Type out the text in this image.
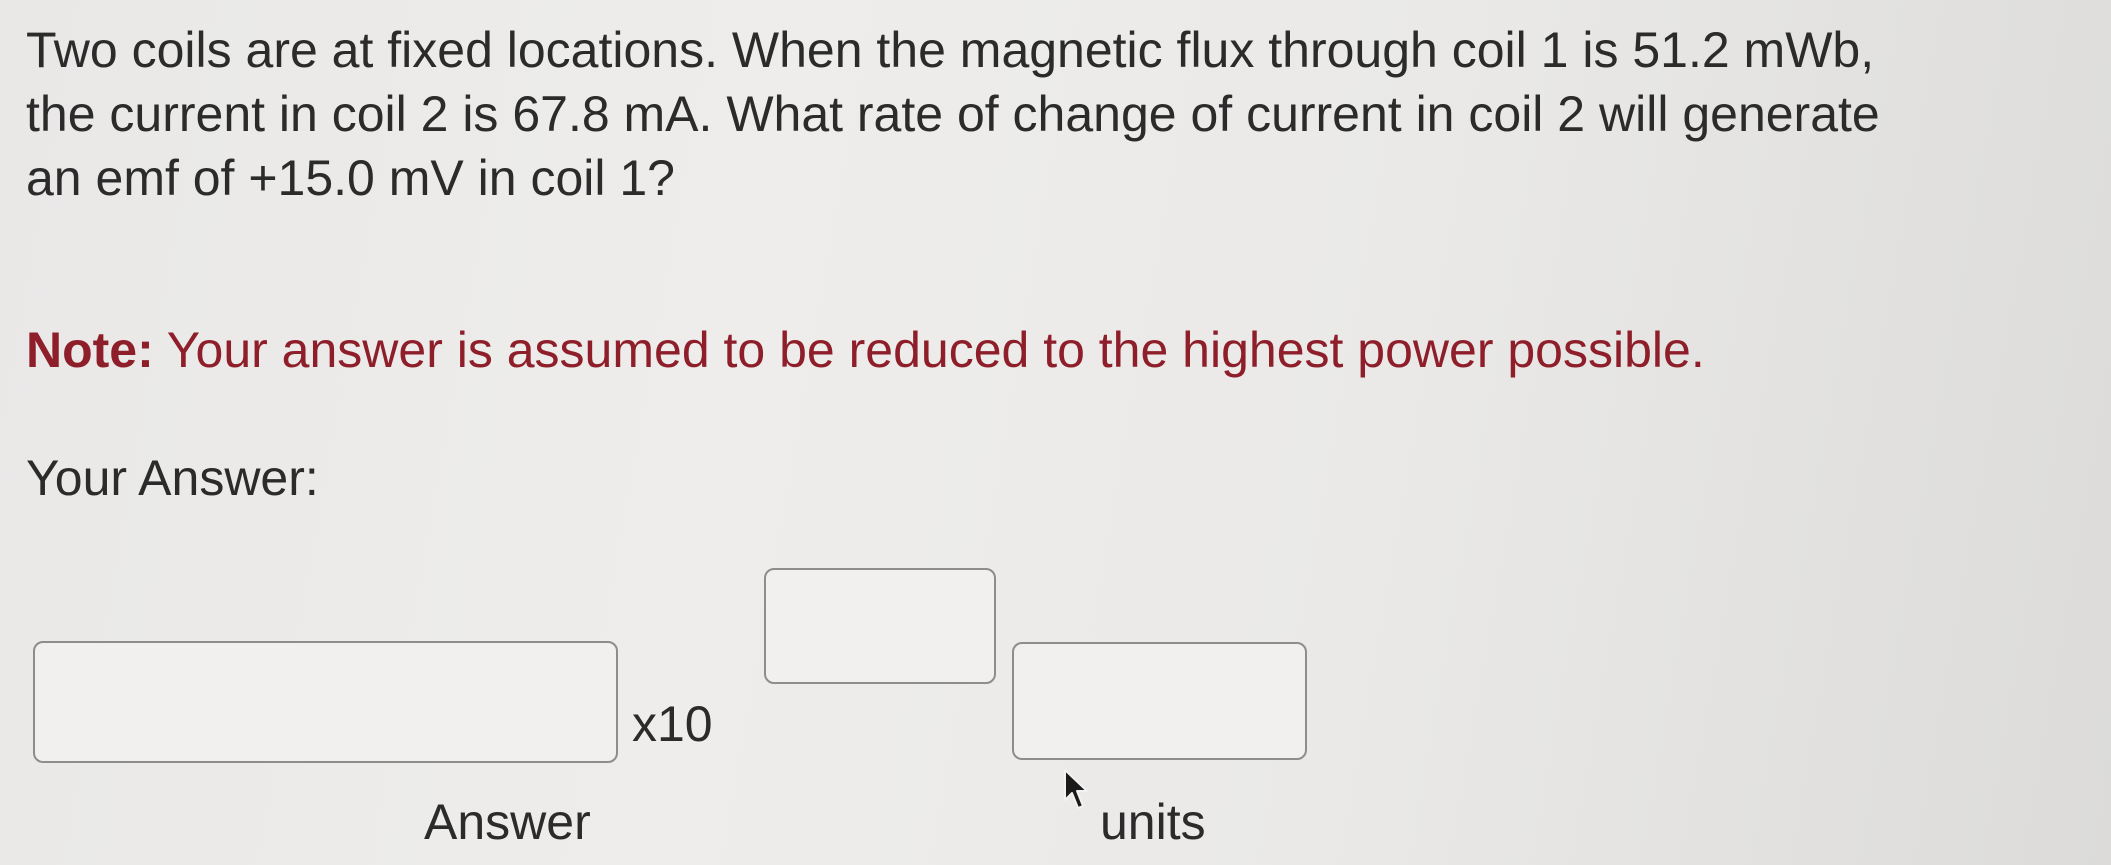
Two coils are at fixed locations. When the magnetic flux through coil 1 is 51.2 mWb,
the current in coil 2 is 67.8 mA. What rate of change of current in coil 2 will generate
an emf of +15.0 mV in coil 1?
Note: Your answer is assumed to be reduced to the highest power possible.
Your Answer:
x10
Answer	units
